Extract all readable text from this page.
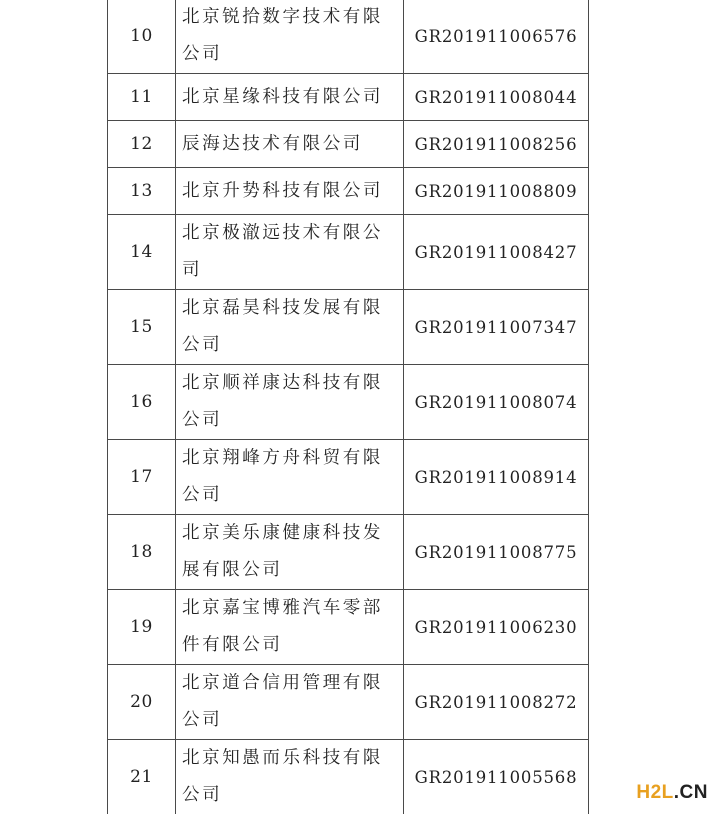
10	北京锐拾数字技术有限公司	GR201911006576
11	北京星缘科技有限公司	GR201911008044
12	辰海达技术有限公司	GR201911008256
13	北京升势科技有限公司	GR201911008809
14	北京极澈远技术有限公司	GR201911008427
15	北京磊昊科技发展有限公司	GR201911007347
16	北京顺祥康达科技有限公司	GR201911008074
17	北京翔峰方舟科贸有限公司	GR201911008914
18	北京美乐康健康科技发展有限公司	GR201911008775
19	北京嘉宝博雅汽车零部件有限公司	GR201911006230
20	北京道合信用管理有限公司	GR201911008272
21	北京知愚而乐科技有限公司	GR201911005568
H2L.CN
